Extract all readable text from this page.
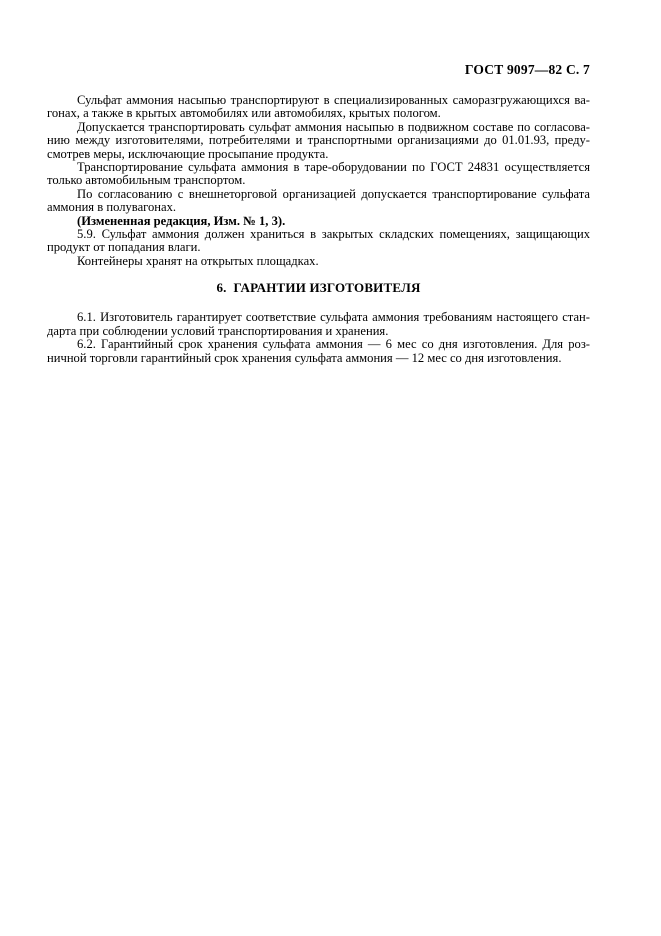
ГОСТ 9097—82 С. 7
Сульфат аммония насыпью транспортируют в специализированных саморазгружающихся ва-
гонах, а также в крытых автомобилях или автомобилях, крытых пологом.
Допускается транспортировать сульфат аммония насыпью в подвижном составе по согласова-
нию между изготовителями, потребителями и транспортными организациями до 01.01.93, преду-
смотрев меры, исключающие просыпание продукта.
Транспортирование сульфата аммония в таре-оборудовании по ГОСТ 24831 осуществляется
только автомобильным транспортом.
По согласованию с внешнеторговой организацией допускается транспортирование сульфата
аммония в полувагонах.
(Измененная редакция, Изм. № 1, 3).
5.9. Сульфат аммония должен храниться в закрытых складских помещениях, защищающих
продукт от попадания влаги.
Контейнеры хранят на открытых площадках.
6.  ГАРАНТИИ ИЗГОТОВИТЕЛЯ
6.1. Изготовитель гарантирует соответствие сульфата аммония требованиям настоящего стан-
дарта при соблюдении условий транспортирования и хранения.
6.2. Гарантийный срок хранения сульфата аммония — 6 мес со дня изготовления. Для роз-
ничной торговли гарантийный срок хранения сульфата аммония — 12 мес со дня изготовления.
